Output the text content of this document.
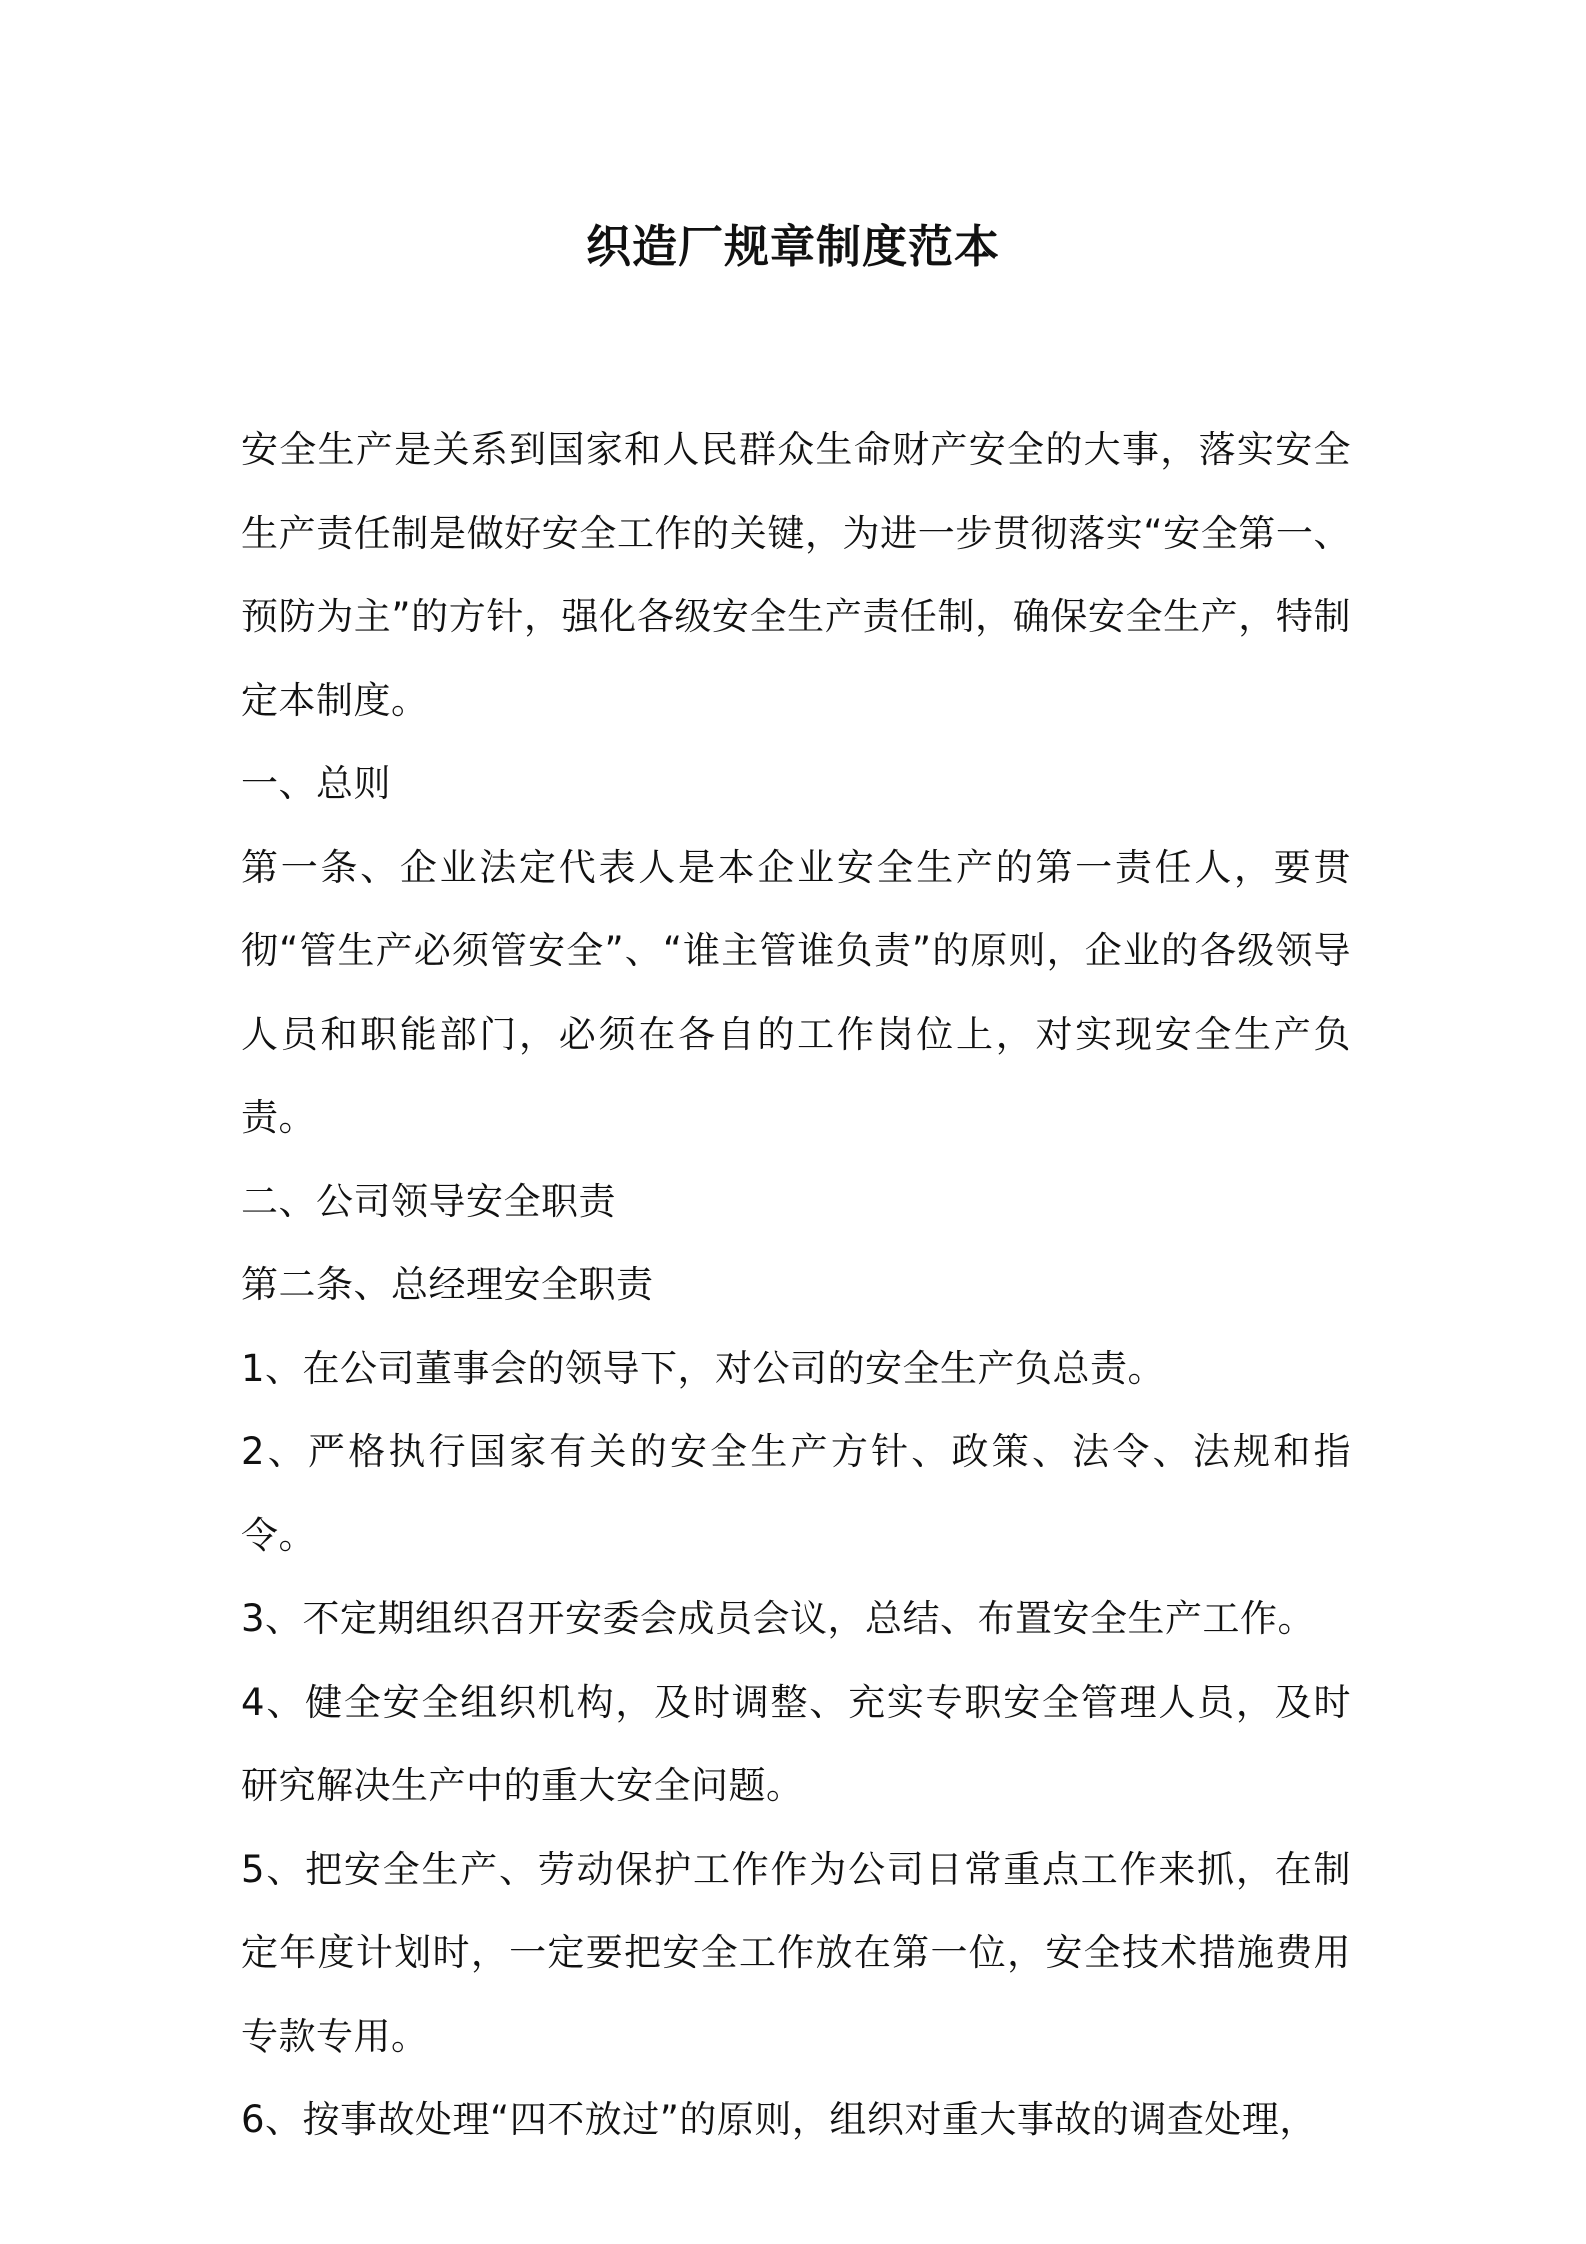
织造厂规章制度范本

安全生产是关系到国家和人民群众生命财产安全的大事，落实安全生产责任制是做好安全工作的关键，为进一步贯彻落实“安全第一、预防为主”的方针，强化各级安全生产责任制，确保安全生产，特制定本制度。

一、总则

第一条、企业法定代表人是本企业安全生产的第一责任人，要贯彻“管生产必须管安全”、“谁主管谁负责”的原则，企业的各级领导人员和职能部门，必须在各自的工作岗位上，对实现安全生产负责。

二、公司领导安全职责

第二条、总经理安全职责

1、在公司董事会的领导下，对公司的安全生产负总责。

2、严格执行国家有关的安全生产方针、政策、法令、法规和指令。

3、不定期组织召开安委会成员会议，总结、布置安全生产工作。

4、健全安全组织机构，及时调整、充实专职安全管理人员，及时研究解决生产中的重大安全问题。

5、把安全生产、劳动保护工作作为公司日常重点工作来抓，在制定年度计划时，一定要把安全工作放在第一位，安全技术措施费用专款专用。

6、按事故处理“四不放过”的原则，组织对重大事故的调查处理，
